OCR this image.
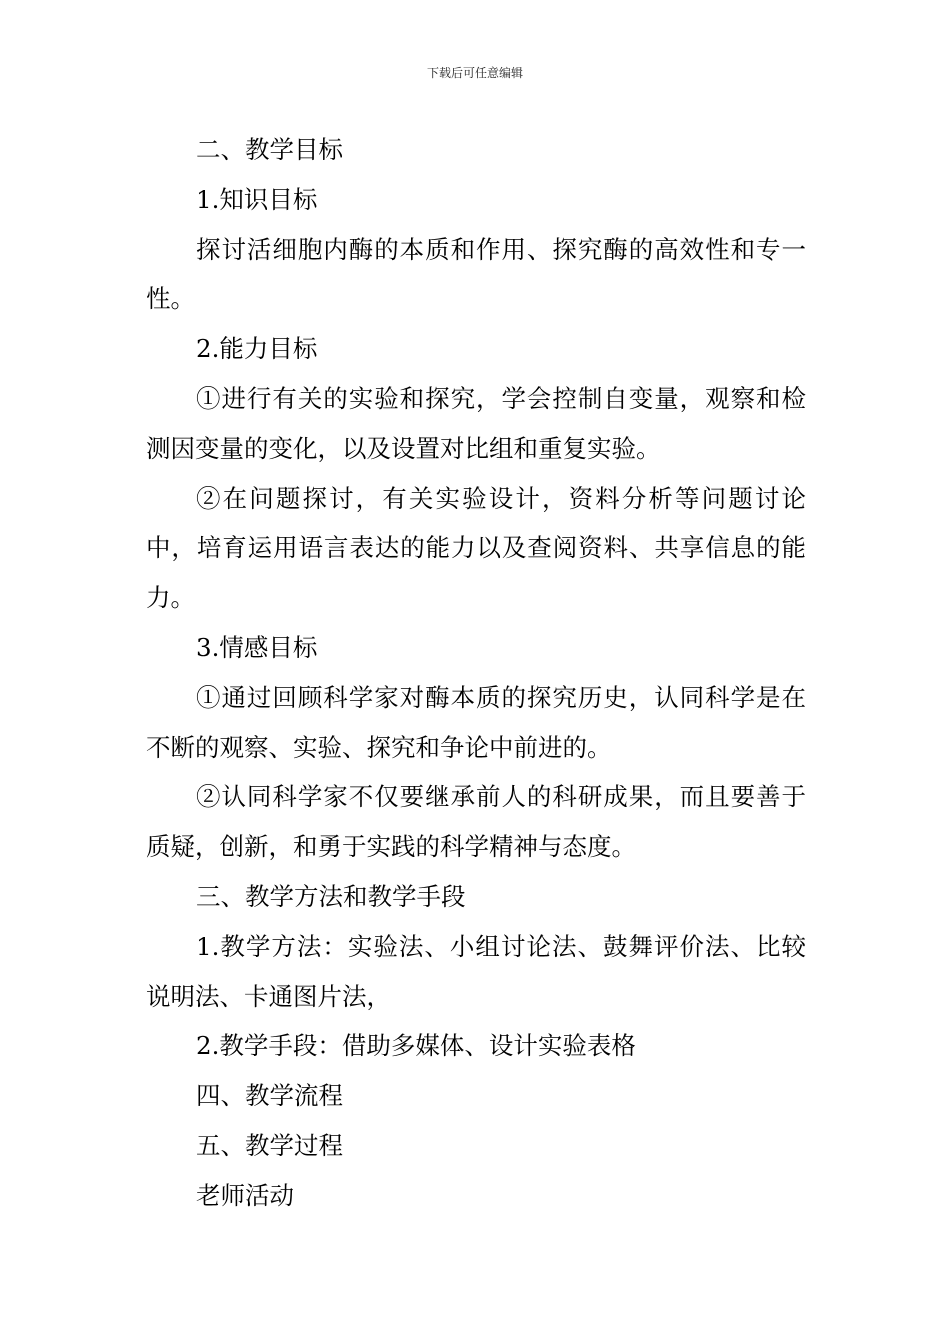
下载后可任意编辑

二、教学目标

1.知识目标

探讨活细胞内酶的本质和作用、探究酶的高效性和专一性。

2.能力目标

①进行有关的实验和探究，学会控制自变量，观察和检测因变量的变化，以及设置对比组和重复实验。

②在问题探讨，有关实验设计，资料分析等问题讨论中，培育运用语言表达的能力以及查阅资料、共享信息的能力。

3.情感目标

①通过回顾科学家对酶本质的探究历史，认同科学是在不断的观察、实验、探究和争论中前进的。

②认同科学家不仅要继承前人的科研成果，而且要善于质疑，创新，和勇于实践的科学精神与态度。

三、教学方法和教学手段

1.教学方法：实验法、小组讨论法、鼓舞评价法、比较说明法、卡通图片法，

2.教学手段：借助多媒体、设计实验表格

四、教学流程

五、教学过程

老师活动
